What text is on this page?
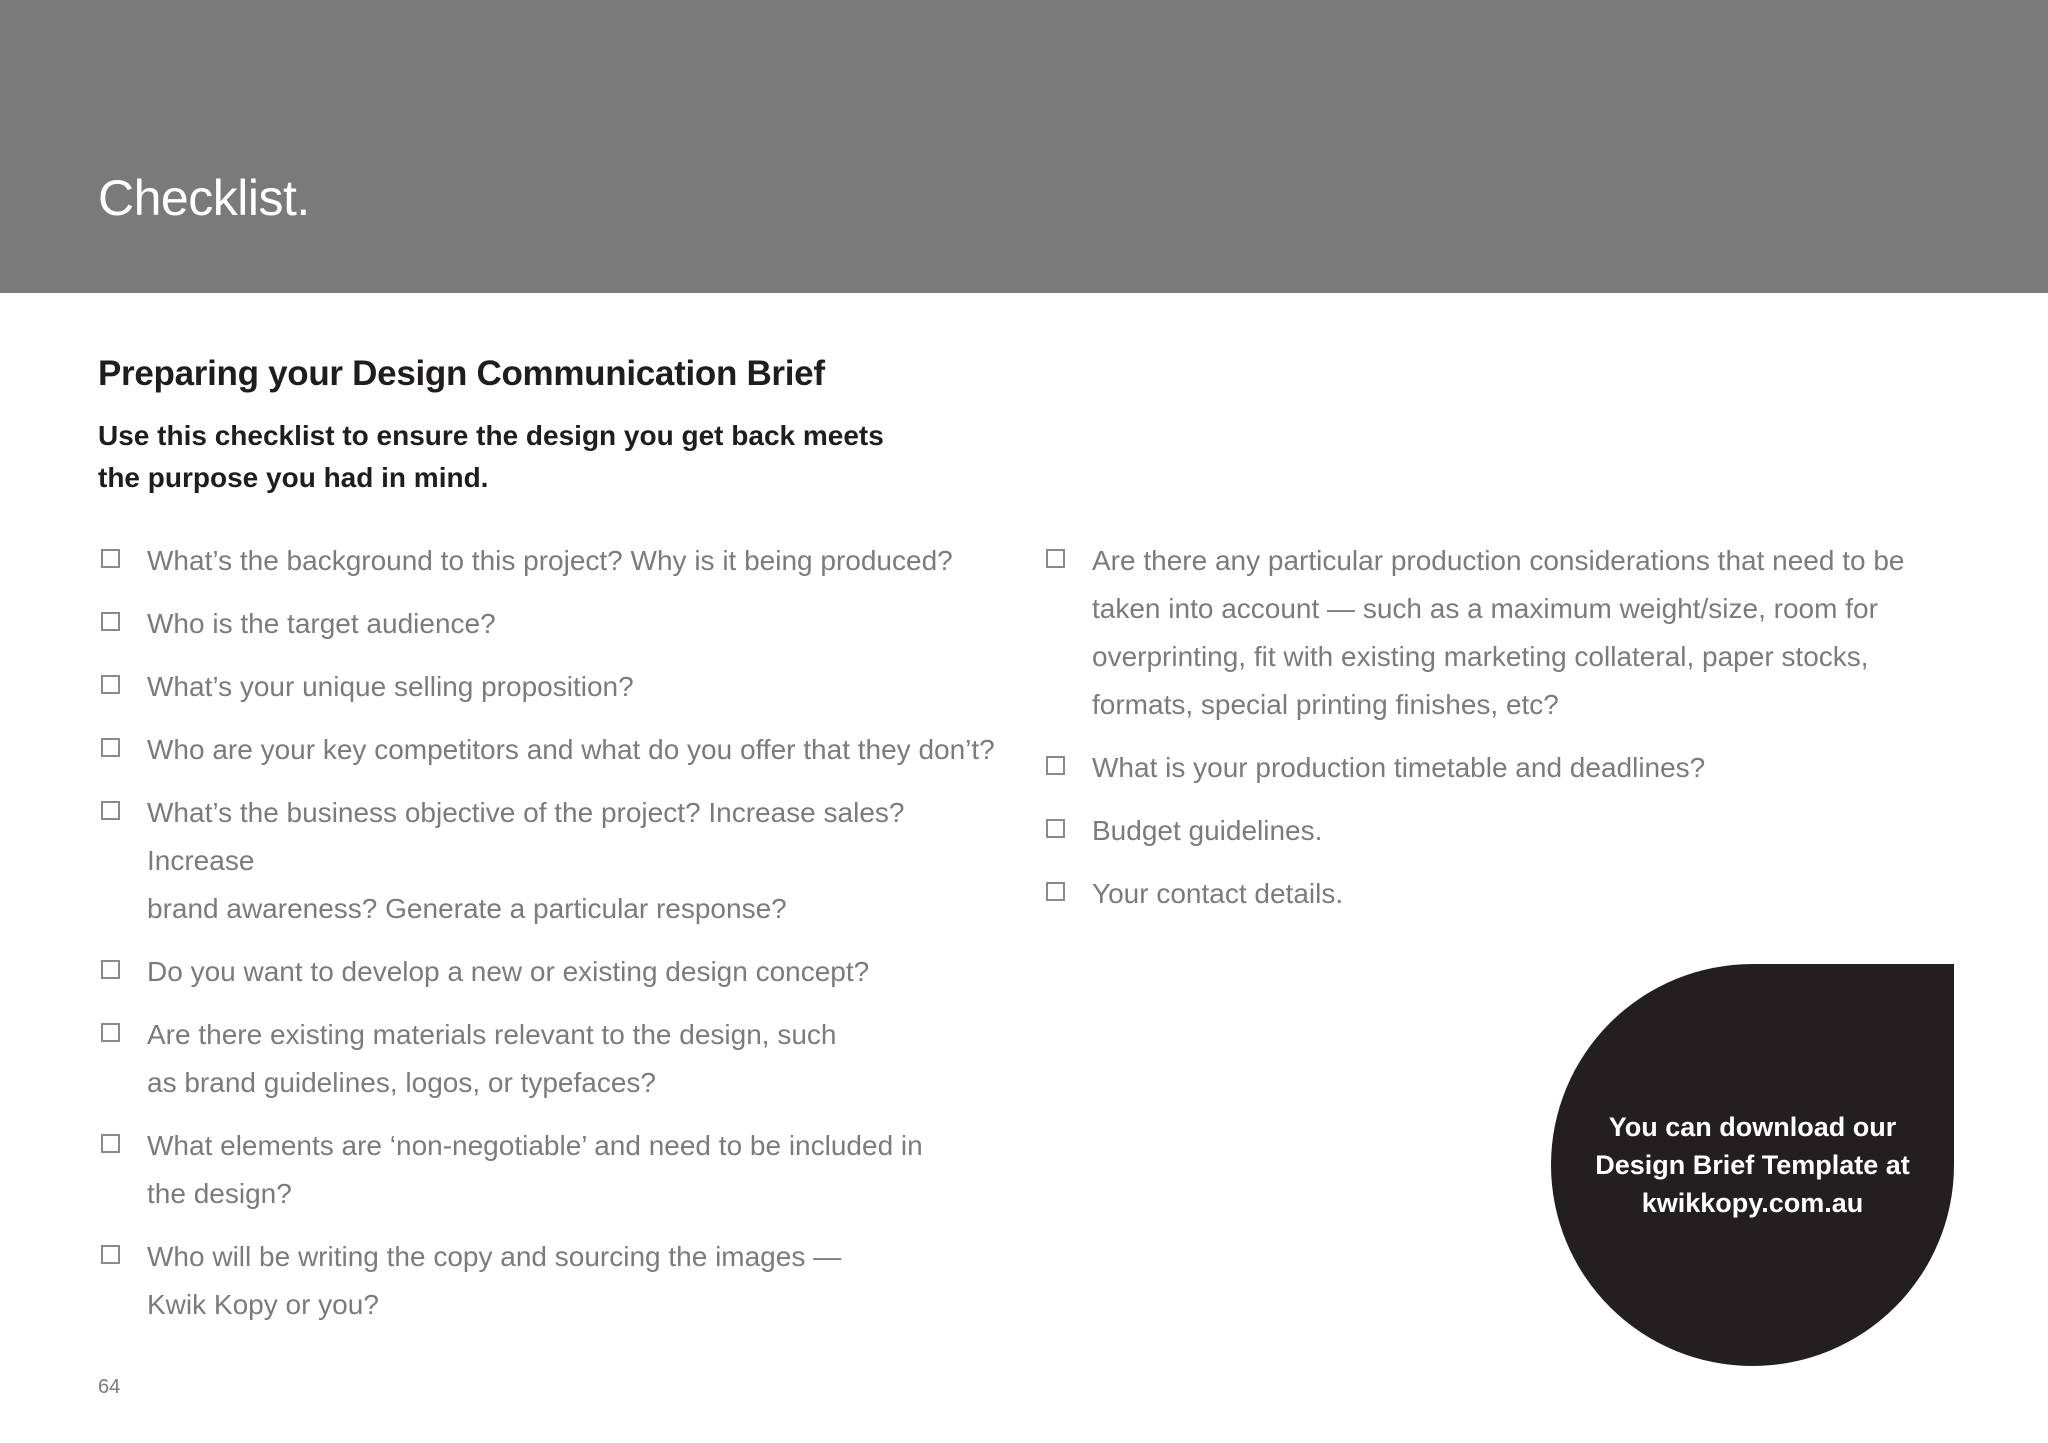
Checklist.
Preparing your Design Communication Brief

Use this checklist to ensure the design you get back meets
the purpose you had in mind.

What’s the background to this project? Why is it being produced?
Who is the target audience?
What’s your unique selling proposition?
Who are your key competitors and what do you offer that they don’t?
What’s the business objective of the project? Increase sales? Increase
brand awareness? Generate a particular response?
Do you want to develop a new or existing design concept?
Are there existing materials relevant to the design, such
as brand guidelines, logos, or typefaces?
What elements are ‘non-negotiable’ and need to be included in
the design?
Who will be writing the copy and sourcing the images —
Kwik Kopy or you?
Are there any particular production considerations that need to be
taken into account — such as a maximum weight/size, room for
overprinting, fit with existing marketing collateral, paper stocks,
formats, special printing finishes, etc?
What is your production timetable and deadlines?
Budget guidelines.
Your contact details.

You can download our
Design Brief Template at
kwikkopy.com.au

64
